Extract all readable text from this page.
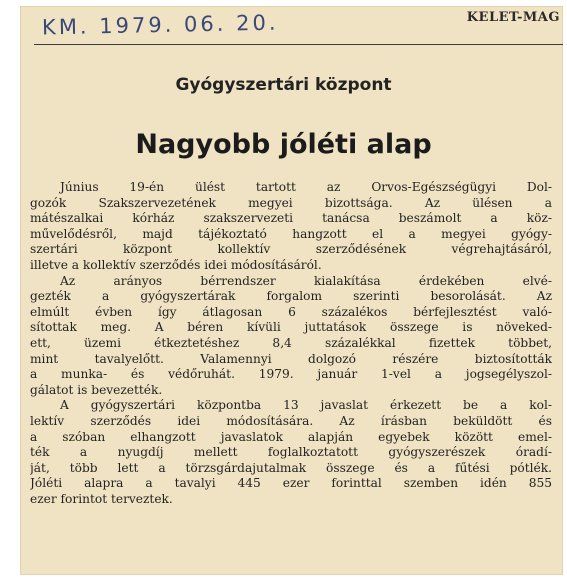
KM. 1979. 06. 20.	KELET-MAG
Gyógyszertári központ
Nagyobb jóléti alap
Június 19-én ülést tartott az Orvos-Egészségügyi Dol-
gozók Szakszervezetének megyei bizottsága. Az ülésen a
mátészalkai kórház szakszervezeti tanácsa beszámolt a köz-
művelődésről, majd tájékoztató hangzott el a megyei gyógy-
szertári központ kollektív szerződésének végrehajtásáról,
illetve a kollektív szerződés idei módosításáról.
Az arányos bérrendszer kialakítása érdekében elvé-
gezték a gyógyszertárak forgalom szerinti besorolását. Az
elmúlt évben így átlagosan 6 százalékos bérfejlesztést való-
sítottak meg. A béren kívüli juttatások összege is növeked-
ett, üzemi étkeztetéshez 8,4 százalékkal fizettek többet,
mint tavalyelőtt. Valamennyi dolgozó részére biztosították
a munka- és védőruhát. 1979. január 1-vel a jogsegélyszol-
gálatot is bevezették.
A gyógyszertári központba 13 javaslat érkezett be a kol-
lektív szerződés idei módosítására. Az írásban beküldött és
a szóban elhangzott javaslatok alapján egyebek között emel-
ték a nyugdíj mellett foglalkoztatott gyógyszerészek óradí-
ját, több lett a törzsgárdajutalmak összege és a fűtési pótlék.
Jóléti alapra a tavalyi 445 ezer forinttal szemben idén 855
ezer forintot terveztek.
